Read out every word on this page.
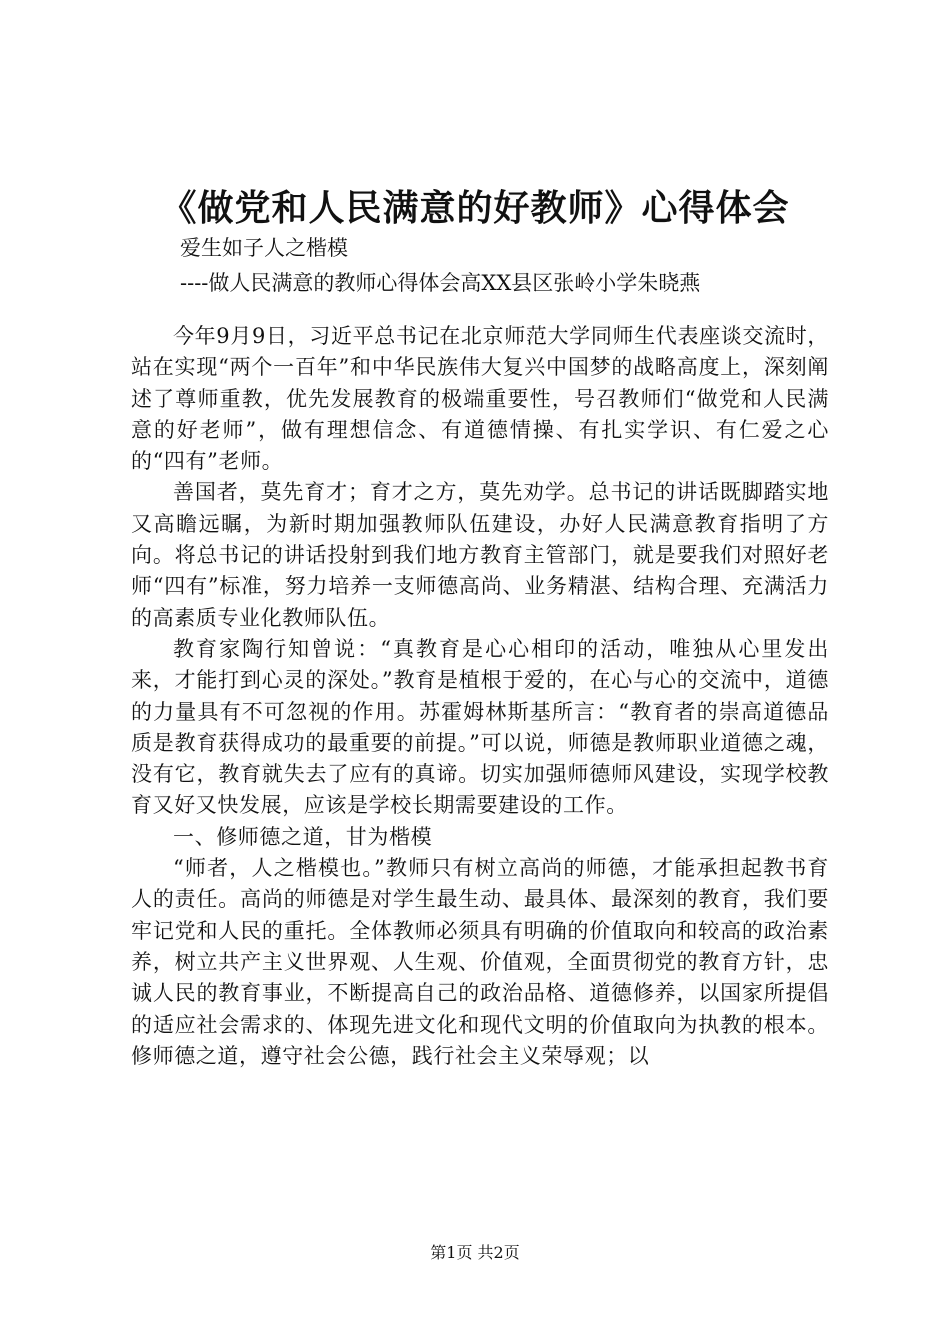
《做党和人民满意的好教师》心得体会
爱生如子人之楷模
----做人民满意的教师心得体会高XX县区张岭小学朱晓燕

今年9月9日，习近平总书记在北京师范大学同师生代表座谈交流时，站在实现“两个一百年”和中华民族伟大复兴中国梦的战略高度上，深刻阐述了尊师重教，优先发展教育的极端重要性，号召教师们“做党和人民满意的好老师”，做有理想信念、有道德情操、有扎实学识、有仁爱之心的“四有”老师。

善国者，莫先育才；育才之方，莫先劝学。总书记的讲话既脚踏实地又高瞻远瞩，为新时期加强教师队伍建设，办好人民满意教育指明了方向。将总书记的讲话投射到我们地方教育主管部门，就是要我们对照好老师“四有”标准，努力培养一支师德高尚、业务精湛、结构合理、充满活力的高素质专业化教师队伍。

教育家陶行知曾说：“真教育是心心相印的活动，唯独从心里发出来，才能打到心灵的深处。”教育是植根于爱的，在心与心的交流中，道德的力量具有不可忽视的作用。苏霍姆林斯基所言：“教育者的崇高道德品质是教育获得成功的最重要的前提。”可以说，师德是教师职业道德之魂，没有它，教育就失去了应有的真谛。切实加强师德师风建设，实现学校教育又好又快发展，应该是学校长期需要建设的工作。

一、修师德之道，甘为楷模

“师者，人之楷模也。”教师只有树立高尚的师德，才能承担起教书育人的责任。高尚的师德是对学生最生动、最具体、最深刻的教育，我们要牢记党和人民的重托。全体教师必须具有明确的价值取向和较高的政治素养，树立共产主义世界观、人生观、价值观，全面贯彻党的教育方针，忠诚人民的教育事业，不断提高自己的政治品格、道德修养，以国家所提倡的适应社会需求的、体现先进文化和现代文明的价值取向为执教的根本。修师德之道，遵守社会公德，践行社会主义荣辱观；以

第1页 共2页
